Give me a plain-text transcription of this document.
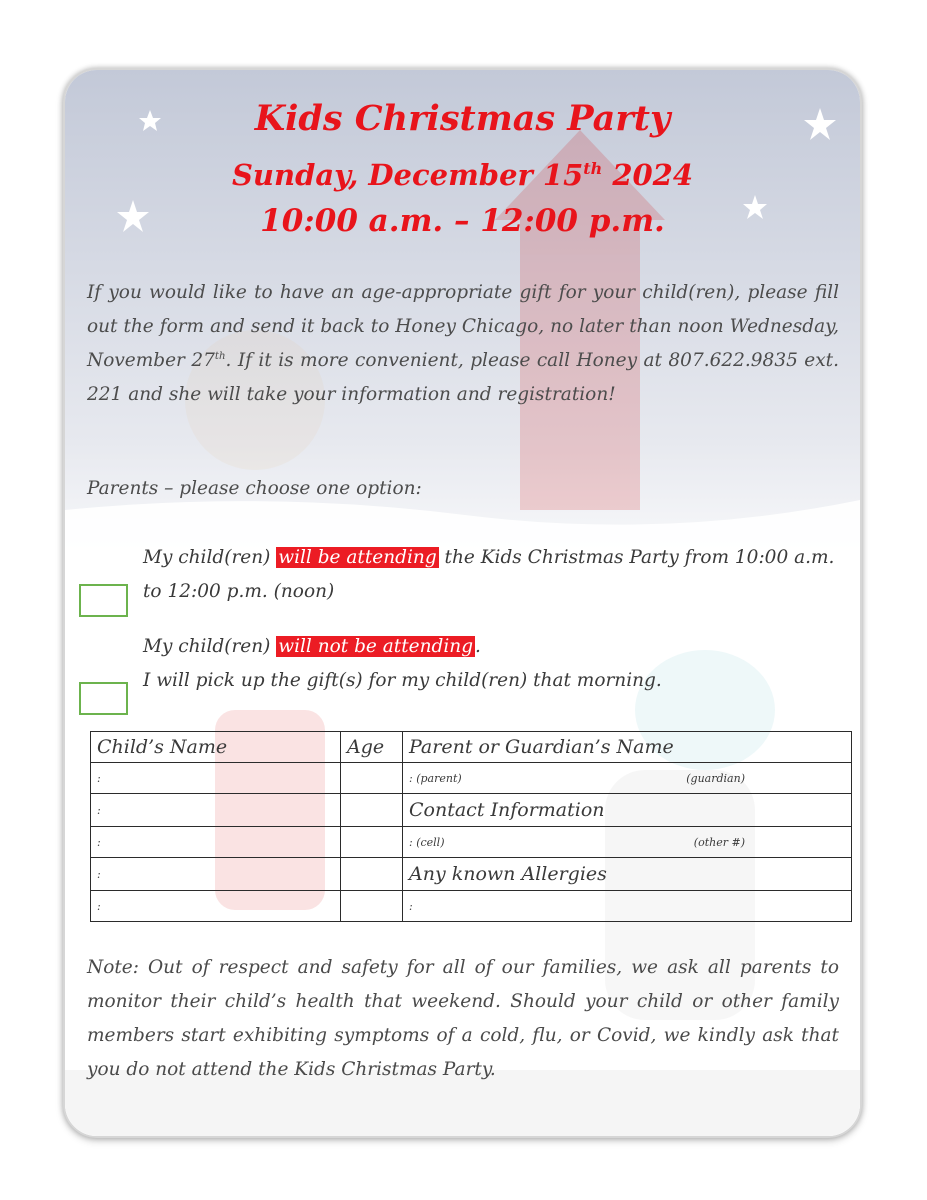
Kids Christmas Party
Sunday, December 15th 2024
10:00 a.m. – 12:00 p.m.
If you would like to have an age-appropriate gift for your child(ren), please fill out the form and send it back to Honey Chicago, no later than noon Wednesday, November 27th. If it is more convenient, please call Honey at 807.622.9835 ext. 221 and she will take your information and registration!
Parents – please choose one option:
My child(ren) will be attending the Kids Christmas Party from 10:00 a.m. to 12:00 p.m. (noon)
My child(ren) will not be attending .
I will pick up the gift(s) for my child(ren) that morning.
Child’s Name	Age	Parent or Guardian’s Name
:		: (parent) (guardian)

:		Contact Information
:		: (cell) (other #)

:		Any known Allergies
:		:
Note: Out of respect and safety for all of our families, we ask all parents to monitor their child’s health that weekend. Should your child or other family members start exhibiting symptoms of a cold, flu, or Covid, we kindly ask that you do not attend the Kids Christmas Party.
